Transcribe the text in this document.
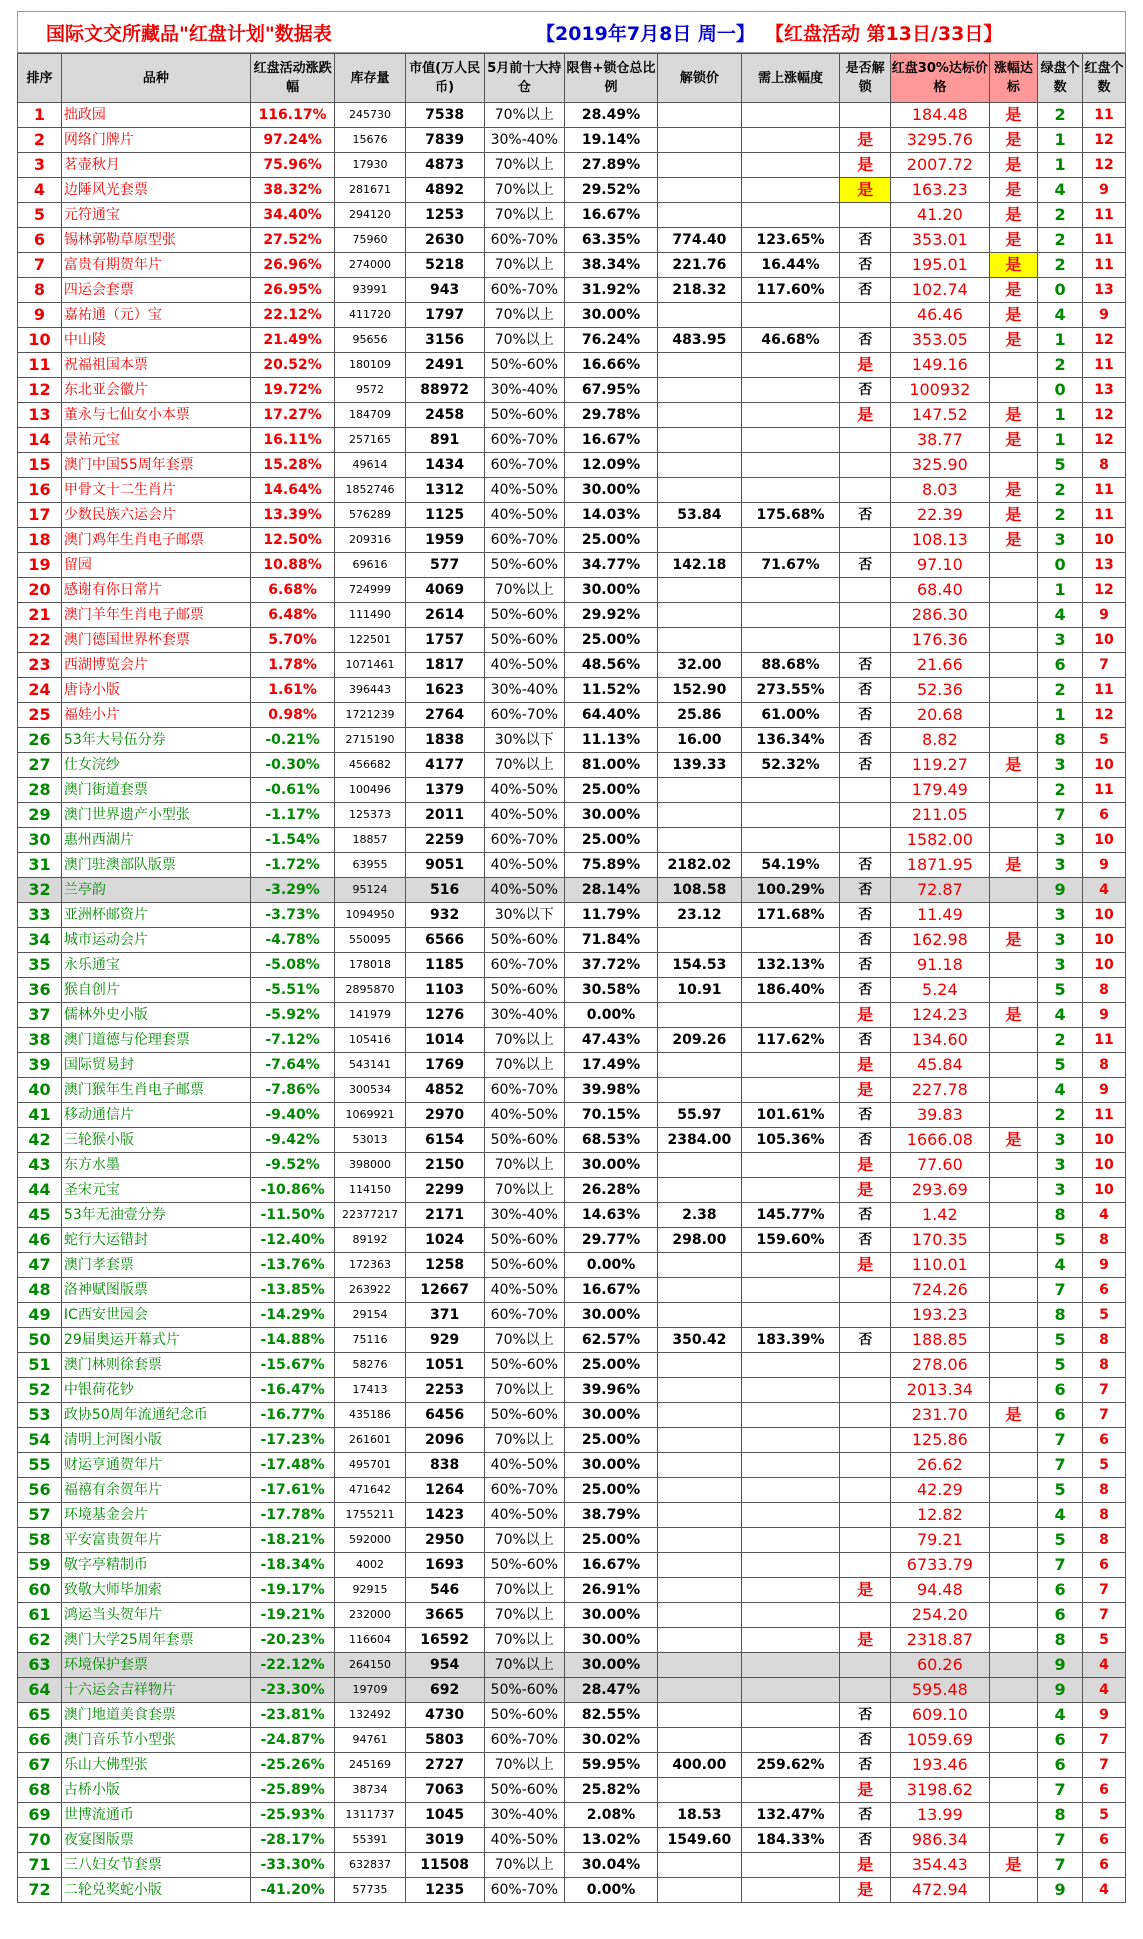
国际文交所藏品"红盘计划"数据表	【2019年7月8日 周一】 【红盘活动 第13日/33日】
排序	品种	红盘活动涨跌幅	库存量	市值(万人民币)	5月前十大持仓	限售+锁仓总比例	解锁价	需上涨幅度	是否解锁	红盘30%达标价格	涨幅达标	绿盘个数	红盘个数
1	拙政园	116.17%	245730	7538	70%以上	28.49%				184.48	是	2	11
2	网络门牌片	97.24%	15676	7839	30%-40%	19.14%			是	3295.76	是	1	12
3	茗壶秋月	75.96%	17930	4873	70%以上	27.89%			是	2007.72	是	1	12
4	边陲风光套票	38.32%	281671	4892	70%以上	29.52%			是	163.23	是	4	9
5	元符通宝	34.40%	294120	1253	70%以上	16.67%				41.20	是	2	11
6	锡林郭勒草原型张	27.52%	75960	2630	60%-70%	63.35%	774.40	123.65%	否	353.01	是	2	11
7	富贵有期贺年片	26.96%	274000	5218	70%以上	38.34%	221.76	16.44%	否	195.01	是	2	11
8	四运会套票	26.95%	93991	943	60%-70%	31.92%	218.32	117.60%	否	102.74	是	0	13
9	嘉祐通（元）宝	22.12%	411720	1797	70%以上	30.00%				46.46	是	4	9
10	中山陵	21.49%	95656	3156	70%以上	76.24%	483.95	46.68%	否	353.05	是	1	12
11	祝福祖国本票	20.52%	180109	2491	50%-60%	16.66%			是	149.16		2	11
12	东北亚会徽片	19.72%	9572	88972	30%-40%	67.95%			否	100932		0	13
13	董永与七仙女小本票	17.27%	184709	2458	50%-60%	29.78%			是	147.52	是	1	12
14	景祐元宝	16.11%	257165	891	60%-70%	16.67%				38.77	是	1	12
15	澳门中国55周年套票	15.28%	49614	1434	60%-70%	12.09%				325.90		5	8
16	甲骨文十二生肖片	14.64%	1852746	1312	40%-50%	30.00%				8.03	是	2	11
17	少数民族六运会片	13.39%	576289	1125	40%-50%	14.03%	53.84	175.68%	否	22.39	是	2	11
18	澳门鸡年生肖电子邮票	12.50%	209316	1959	60%-70%	25.00%				108.13	是	3	10
19	留园	10.88%	69616	577	50%-60%	34.77%	142.18	71.67%	否	97.10		0	13
20	感谢有你日常片	6.68%	724999	4069	70%以上	30.00%				68.40		1	12
21	澳门羊年生肖电子邮票	6.48%	111490	2614	50%-60%	29.92%				286.30		4	9
22	澳门德国世界杯套票	5.70%	122501	1757	50%-60%	25.00%				176.36		3	10
23	西湖博览会片	1.78%	1071461	1817	40%-50%	48.56%	32.00	88.68%	否	21.66		6	7
24	唐诗小版	1.61%	396443	1623	30%-40%	11.52%	152.90	273.55%	否	52.36		2	11
25	福娃小片	0.98%	1721239	2764	60%-70%	64.40%	25.86	61.00%	否	20.68		1	12
26	53年大号伍分券	-0.21%	2715190	1838	30%以下	11.13%	16.00	136.34%	否	8.82		8	5
27	仕女浣纱	-0.30%	456682	4177	70%以上	81.00%	139.33	52.32%	否	119.27	是	3	10
28	澳门街道套票	-0.61%	100496	1379	40%-50%	25.00%				179.49		2	11
29	澳门世界遗产小型张	-1.17%	125373	2011	40%-50%	30.00%				211.05		7	6
30	惠州西湖片	-1.54%	18857	2259	60%-70%	25.00%				1582.00		3	10
31	澳门驻澳部队版票	-1.72%	63955	9051	40%-50%	75.89%	2182.02	54.19%	否	1871.95	是	3	9
32	兰亭韵	-3.29%	95124	516	40%-50%	28.14%	108.58	100.29%	否	72.87		9	4
33	亚洲杯邮资片	-3.73%	1094950	932	30%以下	11.79%	23.12	171.68%	否	11.49		3	10
34	城市运动会片	-4.78%	550095	6566	50%-60%	71.84%			否	162.98	是	3	10
35	永乐通宝	-5.08%	178018	1185	60%-70%	37.72%	154.53	132.13%	否	91.18		3	10
36	猴自创片	-5.51%	2895870	1103	50%-60%	30.58%	10.91	186.40%	否	5.24		5	8
37	儒林外史小版	-5.92%	141979	1276	30%-40%	0.00%			是	124.23	是	4	9
38	澳门道德与伦理套票	-7.12%	105416	1014	70%以上	47.43%	209.26	117.62%	否	134.60		2	11
39	国际贸易封	-7.64%	543141	1769	70%以上	17.49%			是	45.84		5	8
40	澳门猴年生肖电子邮票	-7.86%	300534	4852	60%-70%	39.98%			是	227.78		4	9
41	移动通信片	-9.40%	1069921	2970	40%-50%	70.15%	55.97	101.61%	否	39.83		2	11
42	三轮猴小版	-9.42%	53013	6154	50%-60%	68.53%	2384.00	105.36%	否	1666.08	是	3	10
43	东方水墨	-9.52%	398000	2150	70%以上	30.00%			是	77.60		3	10
44	圣宋元宝	-10.86%	114150	2299	70%以上	26.28%			是	293.69		3	10
45	53年无油壹分券	-11.50%	22377217	2171	30%-40%	14.63%	2.38	145.77%	否	1.42		8	4
46	蛇行大运错封	-12.40%	89192	1024	50%-60%	29.77%	298.00	159.60%	否	170.35		5	8
47	澳门孝套票	-13.76%	172363	1258	50%-60%	0.00%			是	110.01		4	9
48	洛神赋图版票	-13.85%	263922	12667	40%-50%	16.67%				724.26		7	6
49	IC西安世园会	-14.29%	29154	371	60%-70%	30.00%				193.23		8	5
50	29届奥运开幕式片	-14.88%	75116	929	70%以上	62.57%	350.42	183.39%	否	188.85		5	8
51	澳门林则徐套票	-15.67%	58276	1051	50%-60%	25.00%				278.06		5	8
52	中银荷花钞	-16.47%	17413	2253	70%以上	39.96%				2013.34		6	7
53	政协50周年流通纪念币	-16.77%	435186	6456	50%-60%	30.00%				231.70	是	6	7
54	清明上河图小版	-17.23%	261601	2096	70%以上	25.00%				125.86		7	6
55	财运亨通贺年片	-17.48%	495701	838	40%-50%	30.00%				26.62		7	5
56	福禧有余贺年片	-17.61%	471642	1264	60%-70%	25.00%				42.29		5	8
57	环境基金会片	-17.78%	1755211	1423	40%-50%	38.79%				12.82		4	8
58	平安富贵贺年片	-18.21%	592000	2950	70%以上	25.00%				79.21		5	8
59	敬字亭精制币	-18.34%	4002	1693	50%-60%	16.67%				6733.79		7	6
60	致敬大师毕加索	-19.17%	92915	546	70%以上	26.91%			是	94.48		6	7
61	鸿运当头贺年片	-19.21%	232000	3665	70%以上	30.00%				254.20		6	7
62	澳门大学25周年套票	-20.23%	116604	16592	70%以上	30.00%			是	2318.87		8	5
63	环境保护套票	-22.12%	264150	954	70%以上	30.00%				60.26		9	4
64	十六运会吉祥物片	-23.30%	19709	692	50%-60%	28.47%				595.48		9	4
65	澳门地道美食套票	-23.81%	132492	4730	50%-60%	82.55%			否	609.10		4	9
66	澳门音乐节小型张	-24.87%	94761	5803	60%-70%	30.02%			否	1059.69		6	7
67	乐山大佛型张	-25.26%	245169	2727	70%以上	59.95%	400.00	259.62%	否	193.46		6	7
68	古桥小版	-25.89%	38734	7063	50%-60%	25.82%			是	3198.62		7	6
69	世博流通币	-25.93%	1311737	1045	30%-40%	2.08%	18.53	132.47%	否	13.99		8	5
70	夜宴图版票	-28.17%	55391	3019	40%-50%	13.02%	1549.60	184.33%	否	986.34		7	6
71	三八妇女节套票	-33.30%	632837	11508	70%以上	30.04%			是	354.43	是	7	6
72	二轮兑奖蛇小版	-41.20%	57735	1235	60%-70%	0.00%			是	472.94		9	4
